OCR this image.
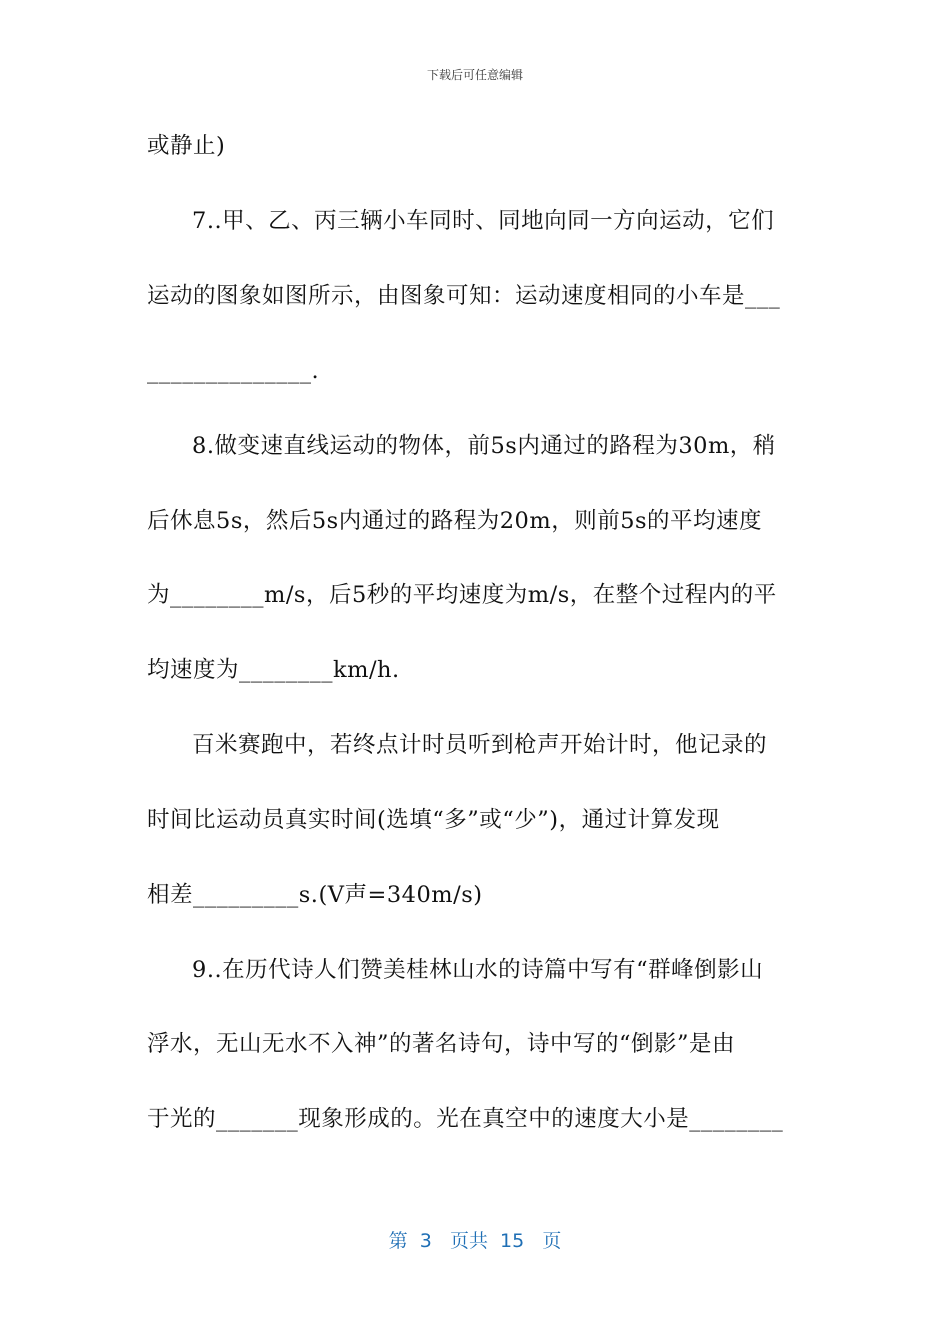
下载后可任意编辑
或静止)
7..甲、乙、丙三辆小车同时、同地向同一方向运动，它们
运动的图象如图所示，由图象可知：运动速度相同的小车是___
______________.
8.做变速直线运动的物体，前5s内通过的路程为30m，稍
后休息5s，然后5s内通过的路程为20m，则前5s的平均速度
为________m/s，后5秒的平均速度为m/s，在整个过程内的平
均速度为________km/h.
百米赛跑中，若终点计时员听到枪声开始计时，他记录的
时间比运动员真实时间(选填“多”或“少”)，通过计算发现
相差_________s.(V声=340m/s)
9..在历代诗人们赞美桂林山水的诗篇中写有“群峰倒影山
浮水，无山无水不入神”的著名诗句，诗中写的“倒影”是由
于光的_______现象形成的。光在真空中的速度大小是________
第  3   页共  15   页
